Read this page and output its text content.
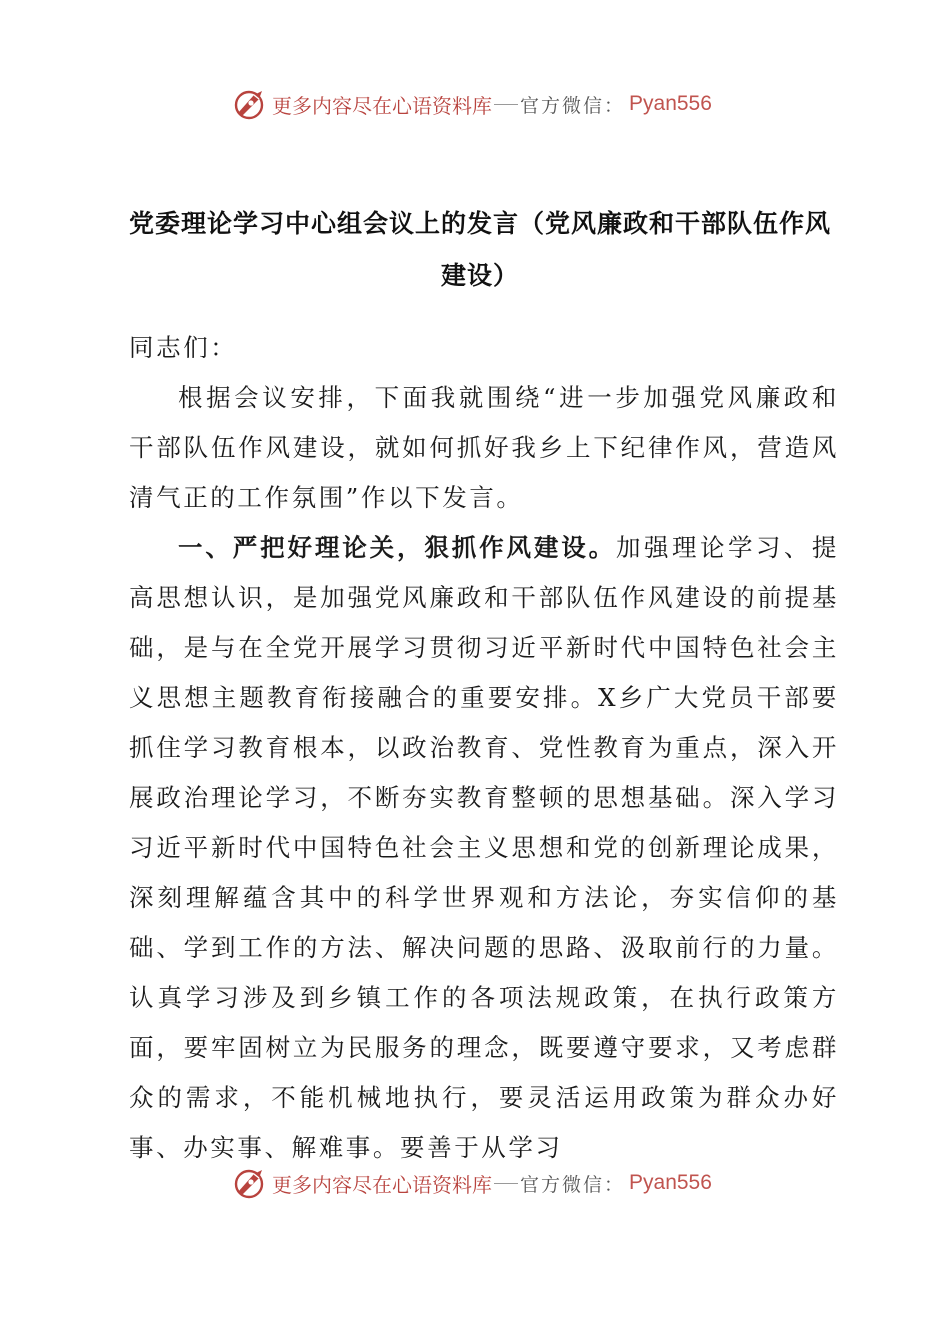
更多内容尽在心语资料库 官方微信： Pyan556
党委理论学习中心组会议上的发言（党风廉政和干部队伍作风建设）

同志们：

根据会议安排，下面我就围绕“进一步加强党风廉政和干部队伍作风建设，就如何抓好我乡上下纪律作风，营造风清气正的工作氛围”作以下发言。

一、严把好理论关，狠抓作风建设。加强理论学习、提高思想认识，是加强党风廉政和干部队伍作风建设的前提基础，是与在全党开展学习贯彻习近平新时代中国特色社会主义思想主题教育衔接融合的重要安排。X乡广大党员干部要抓住学习教育根本，以政治教育、党性教育为重点，深入开展政治理论学习，不断夯实教育整顿的思想基础。深入学习习近平新时代中国特色社会主义思想和党的创新理论成果，深刻理解蕴含其中的科学世界观和方法论，夯实信仰的基础、学到工作的方法、解决问题的思路、汲取前行的力量。认真学习涉及到乡镇工作的各项法规政策，在执行政策方面，要牢固树立为民服务的理念，既要遵守要求，又考虑群众的需求，不能机械地执行，要灵活运用政策为群众办好事、办实事、解难事。要善于从学习

更多内容尽在心语资料库 官方微信： Pyan556
